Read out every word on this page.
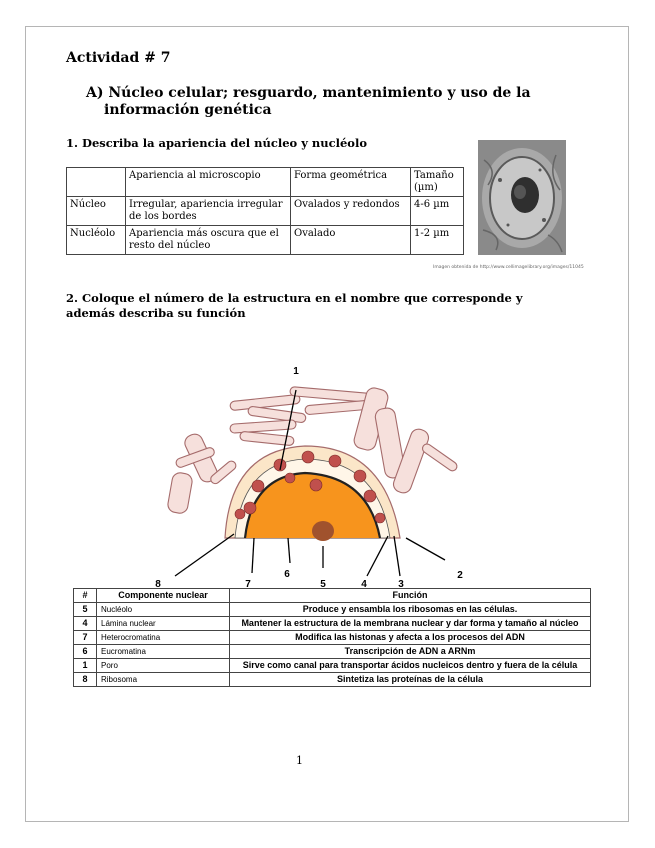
Actividad # 7
A) Núcleo celular; resguardo, mantenimiento y uso de la
información genética
1. Describa la apariencia del núcleo y nucléolo
	Apariencia al microscopio	Forma geométrica	Tamaño (µm)
Núcleo	Irregular, apariencia irregular de los bordes	Ovalados y redondos	4-6 µm
Nucléolo	Apariencia más oscura que el resto del núcleo	Ovalado	1-2 µm
Imagen obtenida de http://www.cellimagelibrary.org/images/11045
2. Coloque el número de la estructura en el nombre que corresponde y además describa su función
1
2
3
4
5
6
7
8
#	Componente nuclear	Función
5	Nucléolo	Produce y ensambla los ribosomas en las células.
4	Lámina nuclear	Mantener la estructura de la membrana nuclear y dar forma y tamaño al núcleo
7	Heterocromatina	Modifica las histonas y afecta a los procesos del ADN
6	Eucromatina	Transcripción de ADN a ARNm
1	Poro	Sirve como canal para transportar ácidos nucleicos dentro y fuera de la célula
8	Ribosoma	Sintetiza las proteínas de la célula
1
